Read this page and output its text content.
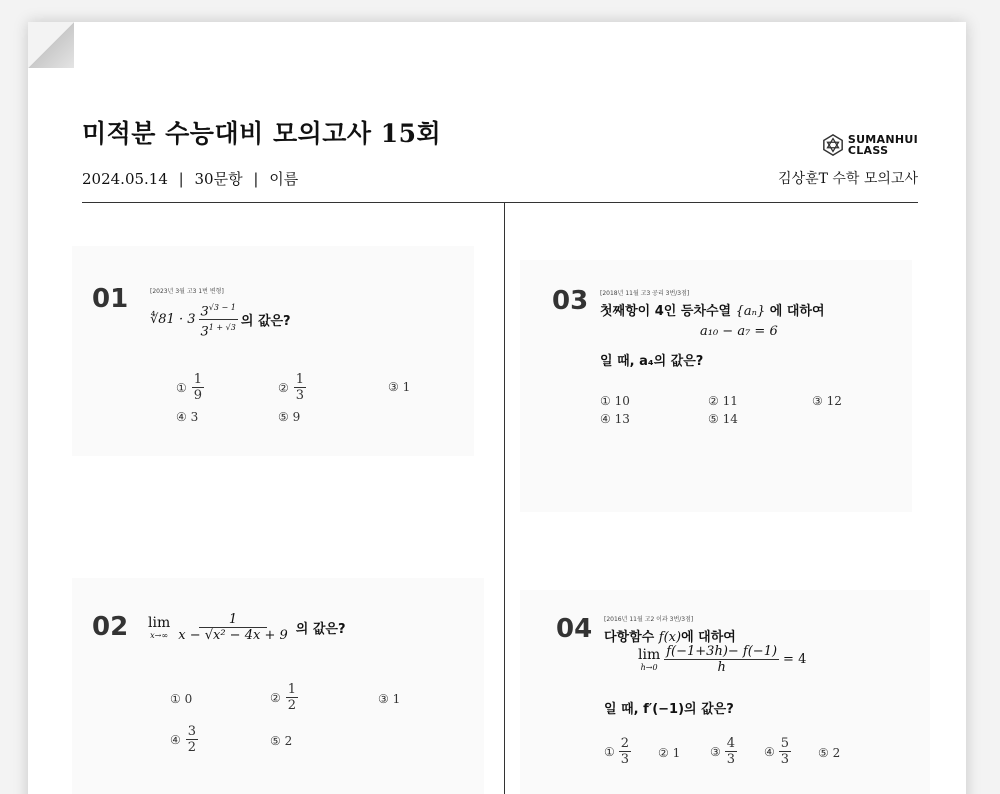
미적분 수능대비 모의고사 15회
2024.05.14 | 30문항 | 이름
SUMANHUI
CLASS
김상훈T 수학 모의고사
01	[2023년 3월 고3 1번 변형]
∜81 · $3 \frac{3^{√3 - 1}}{3^{1 + √3}}$ 의 값은?
① $\frac{1}{9}$	② $\frac{1}{3}$	③ 1
④ 3	⑤ 9
02 lim
$x\to\infty \frac{1}{\text{x − √x² − 4x + 9}}$ 의 값은?
① 0	② $\frac{1}{2}$	③ 1
④ $\frac{3}{2}$	⑤ 2
03 [2018년 11월 고3 공리 3번/3점]
첫째항이 4인 등차수열 {aₙ} 에 대하여
a₁₀ − a₇ = 6
일 때, a₄의 값은?
① 10	② 11	③ 12
④ 13	⑤ 14
04 [2016년 11월 고2 이과 3번/3점]
다항함수 f(x)에 대하여
lim
$h\to 0 \frac{f(-1+3h)- f(-1)}{h} = 4$
일 때, f′(−1)의 값은?
① $\frac{2}{3}$ ② 1 ③ $\frac{4}{3}$ ④ $\frac{5}{3}$ ⑤ 2
